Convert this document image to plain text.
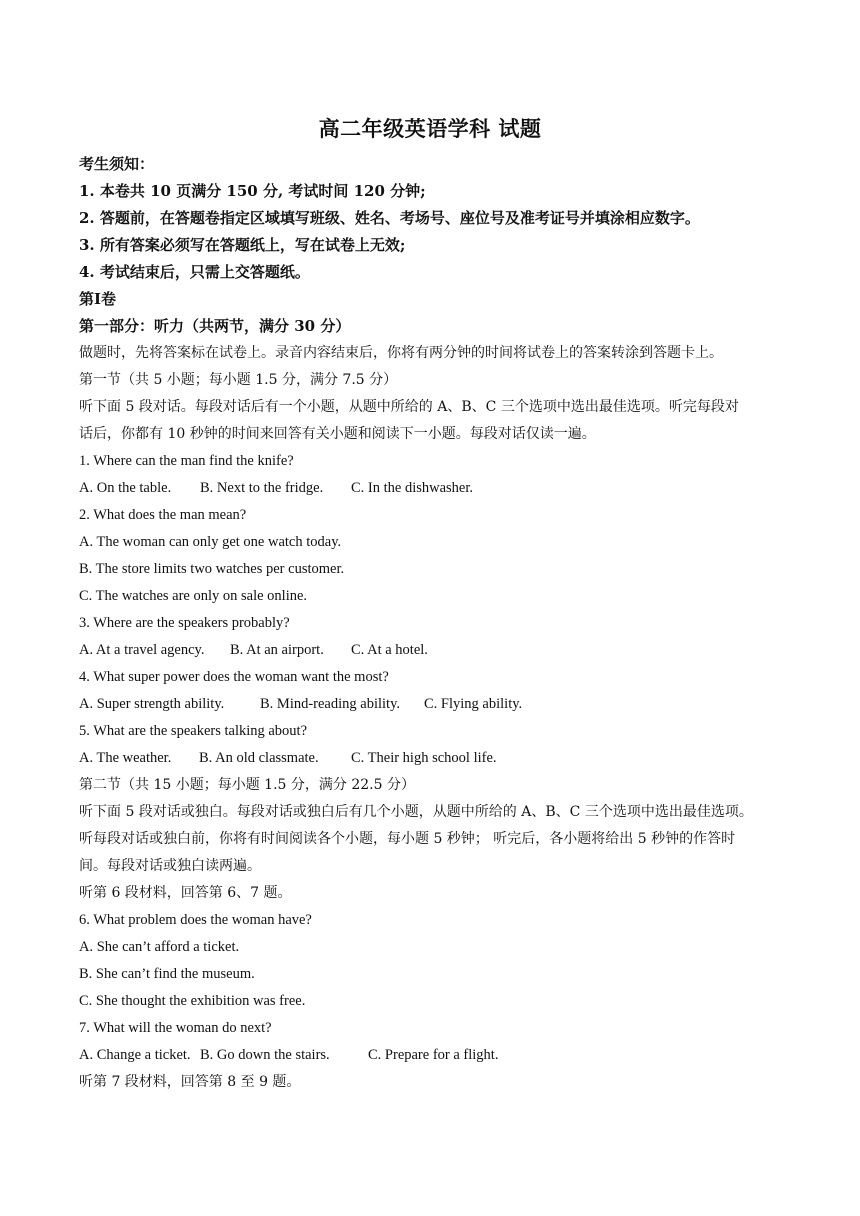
高二年级英语学科 试题
考生须知：
1. 本卷共 10 页满分 150 分, 考试时间 120 分钟;
2. 答题前，在答题卷指定区域填写班级、姓名、考场号、座位号及准考证号并填涂相应数字。
3. 所有答案必须写在答题纸上，写在试卷上无效;
4. 考试结束后，只需上交答题纸。
第Ⅰ卷
第一部分：听力（共两节，满分 30 分）
做题时，先将答案标在试卷上。录音内容结束后，你将有两分钟的时间将试卷上的答案转涂到答题卡上。
第一节（共 5 小题；每小题 1.5 分，满分 7.5 分）
听下面 5 段对话。每段对话后有一个小题，从题中所给的 A、B、C 三个选项中选出最佳选项。听完每段对
话后，你都有 10 秒钟的时间来回答有关小题和阅读下一小题。每段对话仅读一遍。
1. Where can the man find the knife?
A. On the table. B. Next to the fridge. C. In the dishwasher.
2. What does the man mean?
A. The woman can only get one watch today.
B. The store limits two watches per customer.
C. The watches are only on sale online.
3. Where are the speakers probably?
A. At a travel agency. B. At an airport. C. At a hotel.
4. What super power does the woman want the most?
A. Super strength ability. B. Mind-reading ability. C. Flying ability.
5. What are the speakers talking about?
A. The weather. B. An old classmate. C. Their high school life.
第二节（共 15 小题；每小题 1.5 分，满分 22.5 分）
听下面 5 段对话或独白。每段对话或独白后有几个小题，从题中所给的 A、B、C 三个选项中选出最佳选项。
听每段对话或独白前，你将有时间阅读各个小题，每小题 5 秒钟； 听完后，各小题将给出 5 秒钟的作答时
间。每段对话或独白读两遍。
听第 6 段材料，回答第 6、7 题。
6. What problem does the woman have?
A. She can’t afford a ticket.
B. She can’t find the museum.
C. She thought the exhibition was free.
7. What will the woman do next?
A. Change a ticket. B. Go down the stairs.	C. Prepare for a flight.
听第 7 段材料，回答第 8 至 9 题。
